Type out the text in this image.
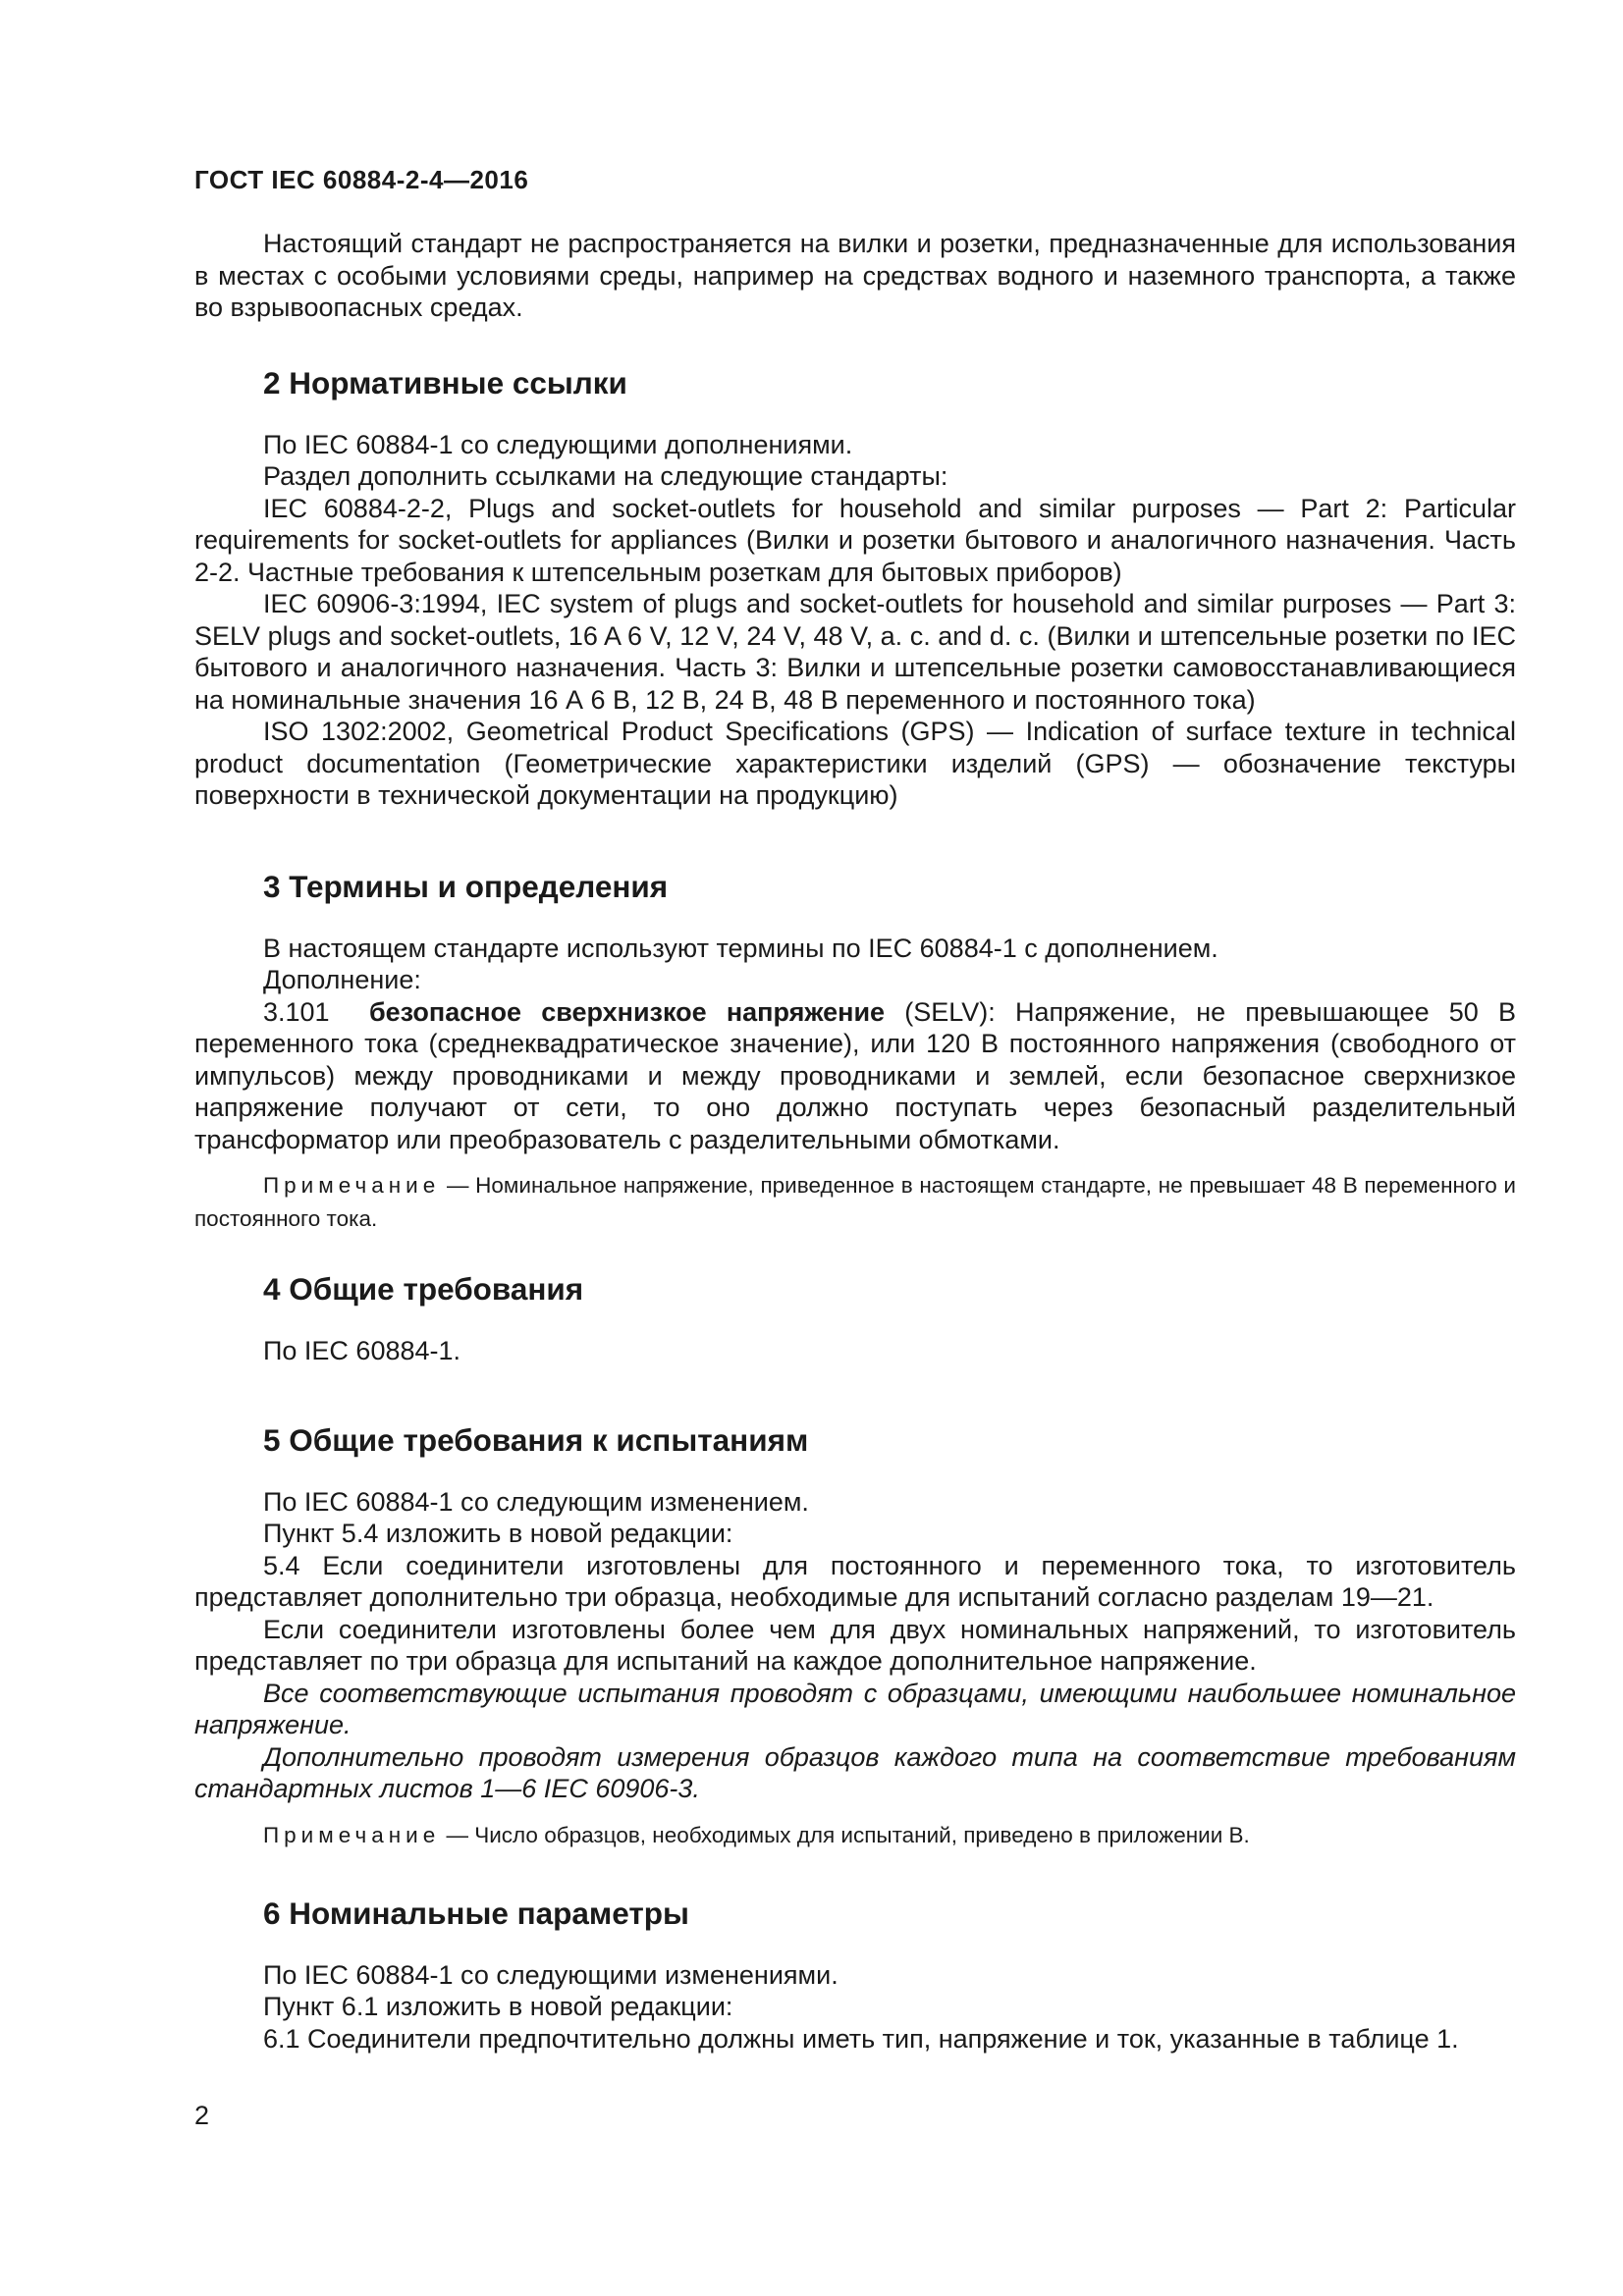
ГОСТ IEC 60884-2-4—2016

Настоящий стандарт не распространяется на вилки и розетки, предназначенные для использования в местах с особыми условиями среды, например на средствах водного и наземного транспорта, а также во взрывоопасных средах.

2 Нормативные ссылки

По IEC 60884-1 со следующими дополнениями.

Раздел дополнить ссылками на следующие стандарты:

IEC 60884-2-2, Plugs and socket-outlets for household and similar purposes — Part 2: Particular requirements for socket-outlets for appliances (Вилки и розетки бытового и аналогичного назначения. Часть 2-2. Частные требования к штепсельным розеткам для бытовых приборов)

IEC 60906-3:1994, IEC system of plugs and socket-outlets for household and similar purposes — Part 3: SELV plugs and socket-outlets, 16 A 6 V, 12 V, 24 V, 48 V, a. c. and d. c. (Вилки и штепсельные розетки по IEC бытового и аналогичного назначения. Часть 3: Вилки и штепсельные розетки самовосстанавливающиеся на номинальные значения 16 А 6 В, 12 В, 24 В, 48 В переменного и постоянного тока)

ISO 1302:2002, Geometrical Product Specifications (GPS) — Indication of surface texture in technical product documentation (Геометрические характеристики изделий (GPS) — обозначение текстуры поверхности в технической документации на продукцию)

3 Термины и определения

В настоящем стандарте используют термины по IEC 60884-1 с дополнением.

Дополнение:

3.101 безопасное сверхнизкое напряжение (SELV): Напряжение, не превышающее 50 В переменного тока (среднеквадратическое значение), или 120 В постоянного напряжения (свободного от импульсов) между проводниками и между проводниками и землей, если безопасное сверхнизкое напряжение получают от сети, то оно должно поступать через безопасный разделительный трансформатор или преобразователь с разделительными обмотками.

Примечание — Номинальное напряжение, приведенное в настоящем стандарте, не превышает 48 В переменного и постоянного тока.

4 Общие требования

По IEC 60884-1.

5 Общие требования к испытаниям

По IEC 60884-1 со следующим изменением.

Пункт 5.4 изложить в новой редакции:

5.4 Если соединители изготовлены для постоянного и переменного тока, то изготовитель представляет дополнительно три образца, необходимые для испытаний согласно разделам 19—21.

Если соединители изготовлены более чем для двух номинальных напряжений, то изготовитель представляет по три образца для испытаний на каждое дополнительное напряжение.

Все соответствующие испытания проводят с образцами, имеющими наибольшее номинальное напряжение.

Дополнительно проводят измерения образцов каждого типа на соответствие требованиям стандартных листов 1—6 IEC 60906-3.

Примечание — Число образцов, необходимых для испытаний, приведено в приложении В.

6 Номинальные параметры

По IEC 60884-1 со следующими изменениями.

Пункт 6.1 изложить в новой редакции:

6.1 Соединители предпочтительно должны иметь тип, напряжение и ток, указанные в таблице 1.

2
